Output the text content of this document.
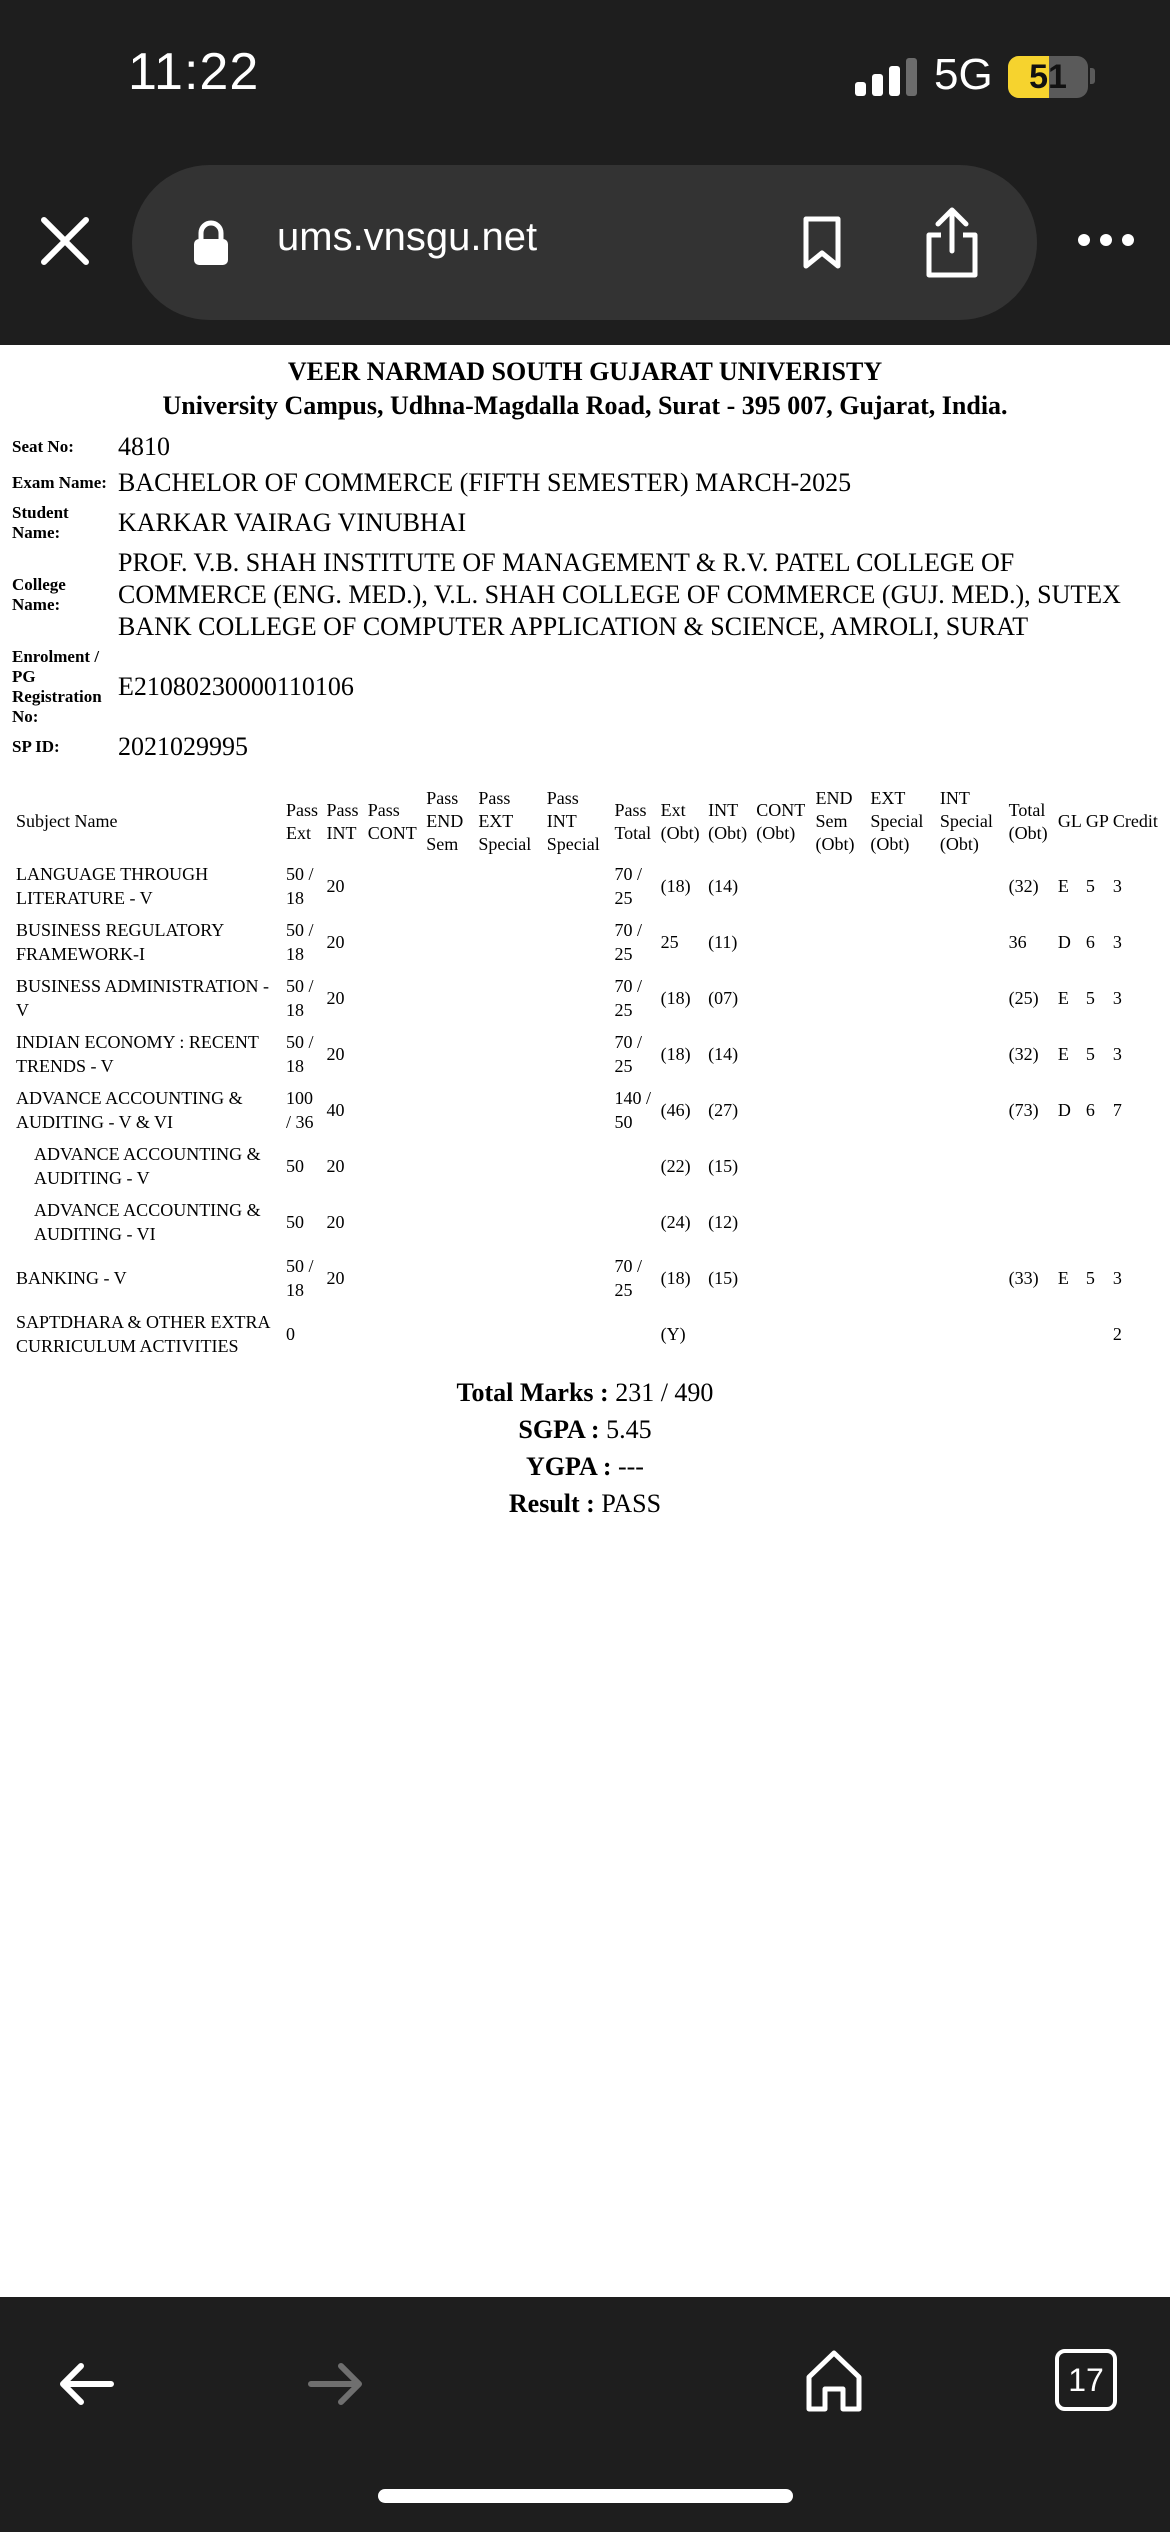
11:22	5G	51
ums.vnsgu.net
VEER NARMAD SOUTH GUJARAT UNIVERISTY
University Campus, Udhna-Magdalla Road, Surat - 395 007, Gujarat, India.
Seat No:	4810
Exam Name:	BACHELOR OF COMMERCE (FIFTH SEMESTER) MARCH-2025
Student Name:	KARKAR VAIRAG VINUBHAI
College Name:	PROF. V.B. SHAH INSTITUTE OF MANAGEMENT & R.V. PATEL COLLEGE OF COMMERCE (ENG. MED.), V.L. SHAH COLLEGE OF COMMERCE (GUJ. MED.), SUTEX BANK COLLEGE OF COMPUTER APPLICATION & SCIENCE, AMROLI, SURAT
Enrolment / PG Registration No:	E21080230000110106
SP ID:	2021029995
Subject Name	Pass Ext	Pass INT	Pass CONT	Pass END Sem	Pass EXT Special	Pass INT Special	Pass Total	Ext (Obt)	INT (Obt)	CONT (Obt)	END Sem (Obt)	EXT Special (Obt)	INT Special (Obt)	Total (Obt)	GL	GP	Credit
LANGUAGE THROUGH LITERATURE - V	50 / 18	20					70 / 25	(18)	(14)					(32)	E	5	3
BUSINESS REGULATORY FRAMEWORK-I	50 / 18	20					70 / 25	25	(11)					36	D	6	3
BUSINESS ADMINISTRATION - V	50 / 18	20					70 / 25	(18)	(07)					(25)	E	5	3
INDIAN ECONOMY : RECENT TRENDS - V	50 / 18	20					70 / 25	(18)	(14)					(32)	E	5	3
ADVANCE ACCOUNTING & AUDITING - V & VI	100 / 36	40					140 / 50	(46)	(27)					(73)	D	6	7
ADVANCE ACCOUNTING & AUDITING - V	50	20						(22)	(15)								
ADVANCE ACCOUNTING & AUDITING - VI	50	20						(24)	(12)								
BANKING - V	50 / 18	20					70 / 25	(18)	(15)					(33)	E	5	3
SAPTDHARA & OTHER EXTRA CURRICULUM ACTIVITIES	0							(Y)									2
Total Marks : 231 / 490
SGPA : 5.45
YGPA : ---
Result : PASS
17
